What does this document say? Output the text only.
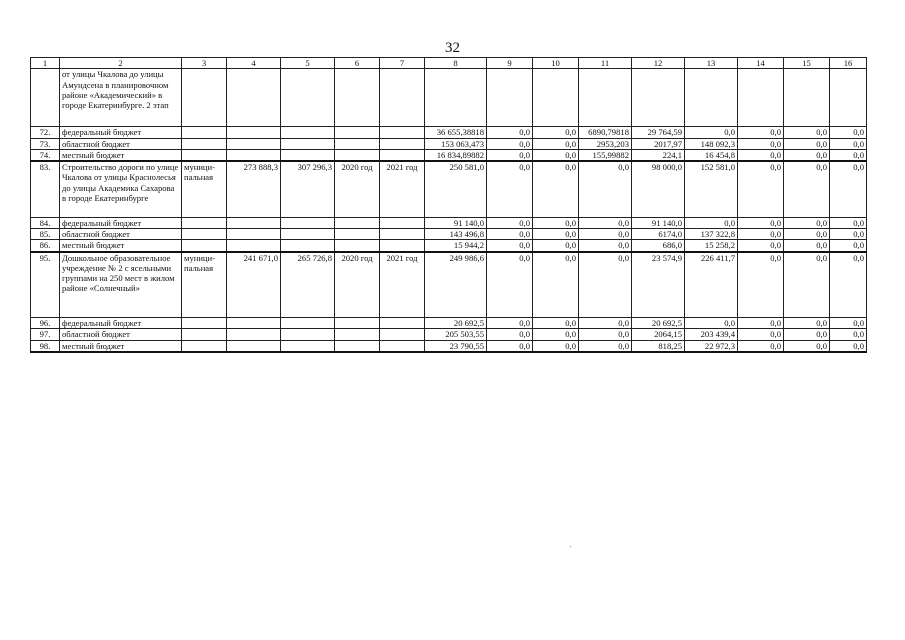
32
1	2	3	4	5	6	7	8	9	10	11	12	13	14	15	16
	от улицы Чкалова до улицы Амундсена в планировочном районе «Академический» в городе Екатеринбурге. 2 этап														
72.	федеральный бюджет						36 655,38818	0,0	0,0	6890,79818	29 764,59	0,0	0,0	0,0	0,0
73.	областной бюджет						153 063,473	0,0	0,0	2953,203	2017,97	148 092,3	0,0	0,0	0,0
74.	местный бюджет						16 834,89882	0,0	0,0	155,99882	224,1	16 454,8	0,0	0,0	0,0
83.	Строительство дороги по улице Чкалова от улицы Краснолесья до улицы Академика Сахарова в городе Екатеринбурге	муници-пальная	273 888,3	307 296,3	2020 год	2021 год	250 581,0	0,0	0,0	0,0	98 000,0	152 581,0	0,0	0,0	0,0
84.	федеральный бюджет						91 140,0	0,0	0,0	0,0	91 140,0	0,0	0,0	0,0	0,0
85.	областной бюджет						143 496,8	0,0	0,0	0,0	6174,0	137 322,8	0,0	0,0	0,0
86.	местный бюджет						15 944,2	0,0	0,0	0,0	686,0	15 258,2	0,0	0,0	0,0
95.	Дошкольное образовательное учреждение № 2 с ясельными группами на 250 мест в жилом районе «Солнечный»	муници-пальная	241 671,0	265 726,8	2020 год	2021 год	249 986,6	0,0	0,0	0,0	23 574,9	226 411,7	0,0	0,0	0,0
96.	федеральный бюджет						20 692,5	0,0	0,0	0,0	20 692,5	0,0	0,0	0,0	0,0
97.	областной бюджет						205 503,55	0,0	0,0	0,0	2064,15	203 439,4	0,0	0,0	0,0
98.	местный бюджет						23 790,55	0,0	0,0	0,0	818,25	22 972,3	0,0	0,0	0,0
